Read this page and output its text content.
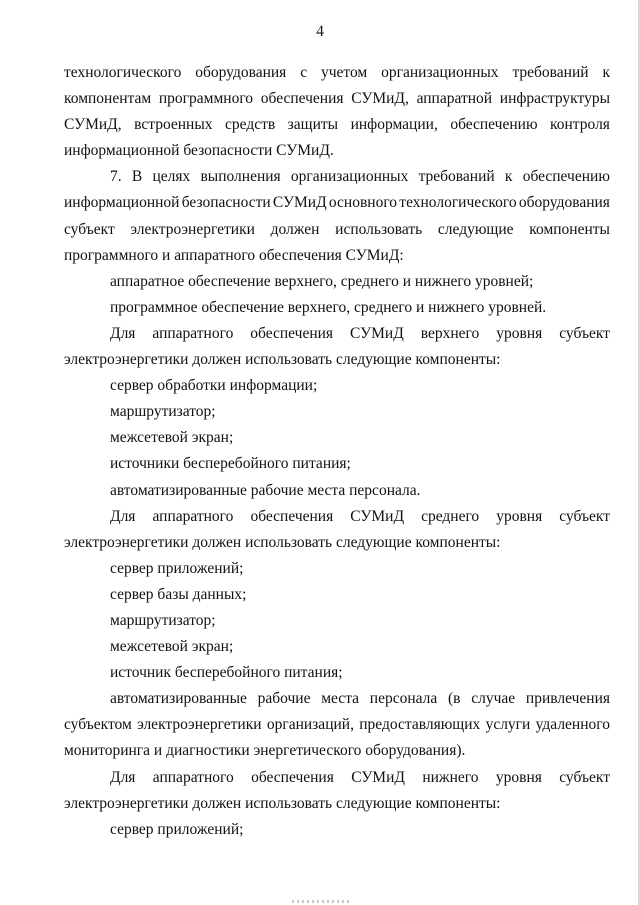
4
технологического оборудования с учетом организационных требований к
компонентам программного обеспечения СУМиД, аппаратной инфраструктуры
СУМиД, встроенных средств защиты информации, обеспечению контроля
информационной безопасности СУМиД.
7. В целях выполнения организационных требований к обеспечению
информационной безопасности СУМиД основного технологического оборудования
субъект электроэнергетики должен использовать следующие компоненты
программного и аппаратного обеспечения СУМиД:
аппаратное обеспечение верхнего, среднего и нижнего уровней;
программное обеспечение верхнего, среднего и нижнего уровней.
Для аппаратного обеспечения СУМиД верхнего уровня субъект
электроэнергетики должен использовать следующие компоненты:
сервер обработки информации;
маршрутизатор;
межсетевой экран;
источники бесперебойного питания;
автоматизированные рабочие места персонала.
Для аппаратного обеспечения СУМиД среднего уровня субъект
электроэнергетики должен использовать следующие компоненты:
сервер приложений;
сервер базы данных;
маршрутизатор;
межсетевой экран;
источник бесперебойного питания;
автоматизированные рабочие места персонала (в случае привлечения
субъектом электроэнергетики организаций, предоставляющих услуги удаленного
мониторинга и диагностики энергетического оборудования).
Для аппаратного обеспечения СУМиД нижнего уровня субъект
электроэнергетики должен использовать следующие компоненты:
сервер приложений;
